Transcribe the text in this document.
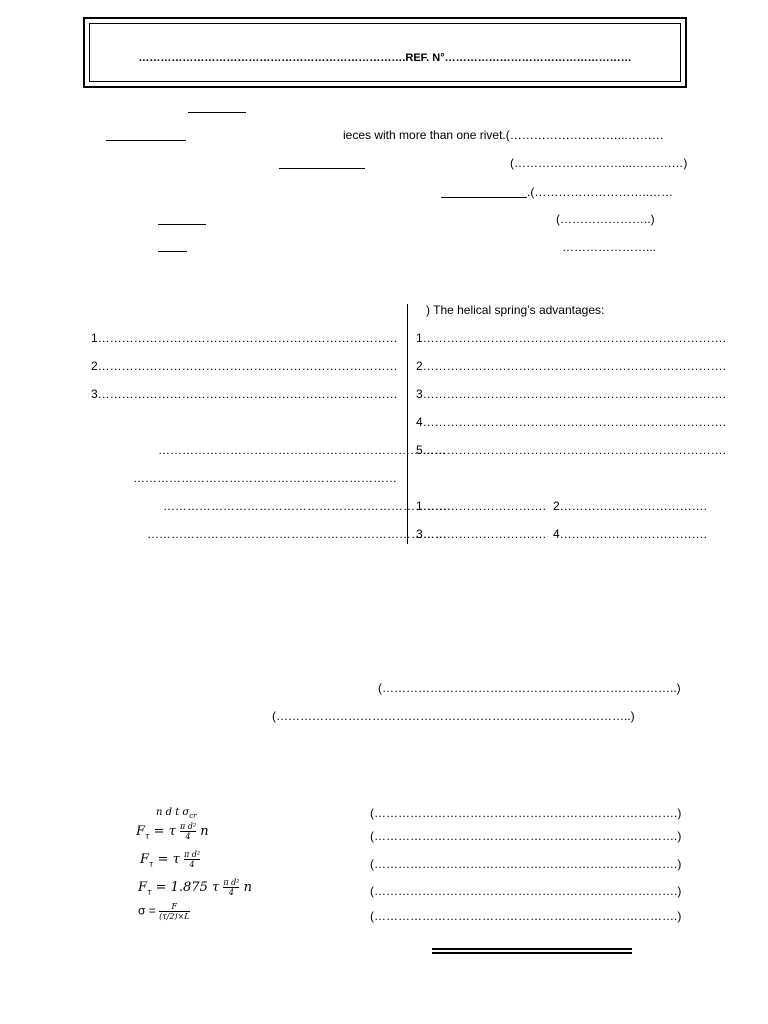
……………………………………………………………….REF. N°……………………………………………
ieces with more than one rivet.(………………………...………
(………………………...……….…)
.(………………………..……
(…………………..)
…………………...
) The helical spring’s advantages:
1…………………………………………………………………
2…………………………………………………………………
3…………………………………………………………………
1………………………………………………………………….
2………………………………………………………………….
3………………………………………………………………….
4………………………………………………………………….
5………………………………………………………………….
………………………………………………………………
…………………………………………………………
………………………………………………………………
…………………………………………………………………
1…………………………. 2……………………………….
3…………………………. 4……………………………….
(………………………………………………………………..)
(……………………………………………………………………………..)
n d t $\sigma_{cr}$
$F_\tau = \tau \frac{\text{π d²}}{4}$ n
$F_\tau = \tau \frac{\text{π d²}}{4}$
$F_\tau = 1.875$ τ $\frac{\text{π d²}}{4}$ n
$\sigma = \frac{F}{(\tau/2)\times L}$
(………………………………………………………………….)
(………………………………………………………………….)
(………………………………………………………………….)
(………………………………………………………………….)
(………………………………………………………………….)
